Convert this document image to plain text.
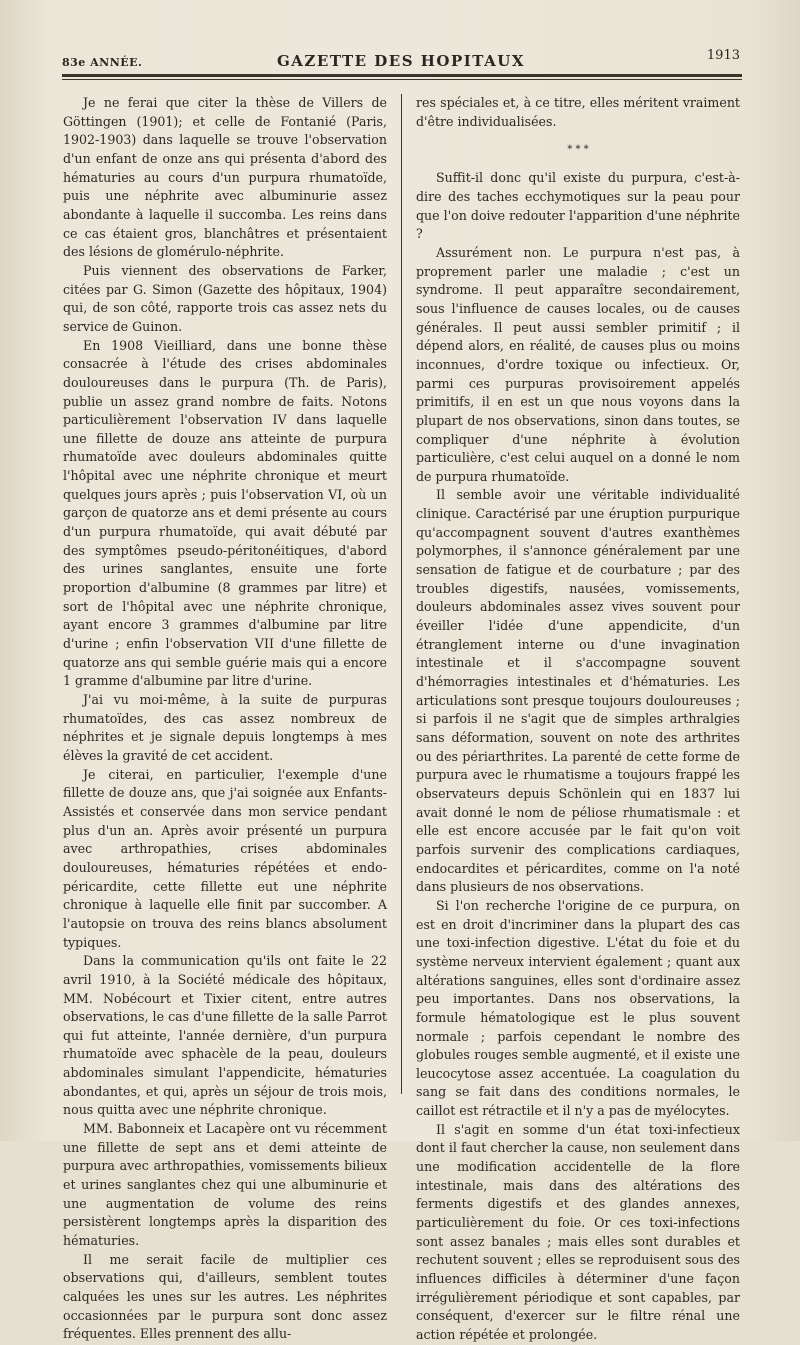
83e ANNÉE.	GAZETTE DES HOPITAUX	1913

Je ne ferai que citer la thèse de Villers de Göttingen (1901); et celle de Fontanié (Paris, 1902-1903) dans laquelle se trouve l'observation d'un enfant de onze ans qui présenta d'abord des hématuries au cours d'un purpura rhumatoïde, puis une néphrite avec albuminurie assez abondante à laquelle il succomba. Les reins dans ce cas étaient gros, blanchâtres et présentaient des lésions de glomérulo-néphrite.

Puis viennent des observations de Farker, citées par G. Simon (Gazette des hôpitaux, 1904) qui, de son côté, rapporte trois cas assez nets du service de Guinon.

En 1908 Vieilliard, dans une bonne thèse consacrée à l'étude des crises abdominales douloureuses dans le purpura (Th. de Paris), publie un assez grand nombre de faits. Notons particulièrement l'observation IV dans laquelle une fillette de douze ans atteinte de purpura rhumatoïde avec douleurs abdominales quitte l'hôpital avec une néphrite chronique et meurt quelques jours après ; puis l'observation VI, où un garçon de quatorze ans et demi présente au cours d'un purpura rhumatoïde, qui avait débuté par des symptômes pseudo-péritonéitiques, d'abord des urines sanglantes, ensuite une forte proportion d'albumine (8 grammes par litre) et sort de l'hôpital avec une néphrite chronique, ayant encore 3 grammes d'albumine par litre d'urine ; enfin l'observation VII d'une fillette de quatorze ans qui semble guérie mais qui a encore 1 gramme d'albumine par litre d'urine.

J'ai vu moi-même, à la suite de purpuras rhumatoïdes, des cas assez nombreux de néphrites et je signale depuis longtemps à mes élèves la gravité de cet accident.

Je citerai, en particulier, l'exemple d'une fillette de douze ans, que j'ai soignée aux Enfants-Assistés et conservée dans mon service pendant plus d'un an. Après avoir présenté un purpura avec arthropathies, crises abdominales douloureuses, hématuries répétées et endo-péricardite, cette fillette eut une néphrite chronique à laquelle elle finit par succomber. A l'autopsie on trouva des reins blancs absolument typiques.

Dans la communication qu'ils ont faite le 22 avril 1910, à la Société médicale des hôpitaux, MM. Nobécourt et Tixier citent, entre autres observations, le cas d'une fillette de la salle Parrot qui fut atteinte, l'année dernière, d'un purpura rhumatoïde avec sphacèle de la peau, douleurs abdominales simulant l'appendicite, hématuries abondantes, et qui, après un séjour de trois mois, nous quitta avec une néphrite chronique.

MM. Babonneix et Lacapère ont vu récemment une fillette de sept ans et demi atteinte de purpura avec arthropathies, vomissements bilieux et urines sanglantes chez qui une albuminurie et une augmentation de volume des reins persistèrent longtemps après la disparition des hématuries.

Il me serait facile de multiplier ces observations qui, d'ailleurs, semblent toutes calquées les unes sur les autres. Les néphrites occasionnées par le purpura sont donc assez fréquentes. Elles prennent des allu-

res spéciales et, à ce titre, elles méritent vraiment d'être individualisées.

* * *

Suffit-il donc qu'il existe du purpura, c'est-à-dire des taches ecchymotiques sur la peau pour que l'on doive redouter l'apparition d'une néphrite ?

Assurément non. Le purpura n'est pas, à proprement parler une maladie ; c'est un syndrome. Il peut apparaître secondairement, sous l'influence de causes locales, ou de causes générales. Il peut aussi sembler primitif ; il dépend alors, en réalité, de causes plus ou moins inconnues, d'ordre toxique ou infectieux. Or, parmi ces purpuras provisoirement appelés primitifs, il en est un que nous voyons dans la plupart de nos observations, sinon dans toutes, se compliquer d'une néphrite à évolution particulière, c'est celui auquel on a donné le nom de purpura rhumatoïde.

Il semble avoir une véritable individualité clinique. Caractérisé par une éruption purpurique qu'accompagnent souvent d'autres exanthèmes polymorphes, il s'annonce généralement par une sensation de fatigue et de courbature ; par des troubles digestifs, nausées, vomissements, douleurs abdominales assez vives souvent pour éveiller l'idée d'une appendicite, d'un étranglement interne ou d'une invagination intestinale et il s'accompagne souvent d'hémorragies intestinales et d'hématuries. Les articulations sont presque toujours douloureuses ; si parfois il ne s'agit que de simples arthralgies sans déformation, souvent on note des arthrites ou des périarthrites. La parenté de cette forme de purpura avec le rhumatisme a toujours frappé les observateurs depuis Schönlein qui en 1837 lui avait donné le nom de péliose rhumatismale : et elle est encore accusée par le fait qu'on voit parfois survenir des complications cardiaques, endocardites et péricardites, comme on l'a noté dans plusieurs de nos observations.

Si l'on recherche l'origine de ce purpura, on est en droit d'incriminer dans la plupart des cas une toxi-infection digestive. L'état du foie et du système nerveux intervient également ; quant aux altérations sanguines, elles sont d'ordinaire assez peu importantes. Dans nos observations, la formule hématologique est le plus souvent normale ; parfois cependant le nombre des globules rouges semble augmenté, et il existe une leucocytose assez accentuée. La coagulation du sang se fait dans des conditions normales, le caillot est rétractile et il n'y a pas de myélocytes.

Il s'agit en somme d'un état toxi-infectieux dont il faut chercher la cause, non seulement dans une modification accidentelle de la flore intestinale, mais dans des altérations des ferments digestifs et des glandes annexes, particulièrement du foie. Or ces toxi-infections sont assez banales ; mais elles sont durables et rechutent souvent ; elles se reproduisent sous des influences difficiles à déterminer d'une façon irrégulièrement périodique et sont capables, par conséquent, d'exercer sur le filtre rénal une action répétée et prolongée.
